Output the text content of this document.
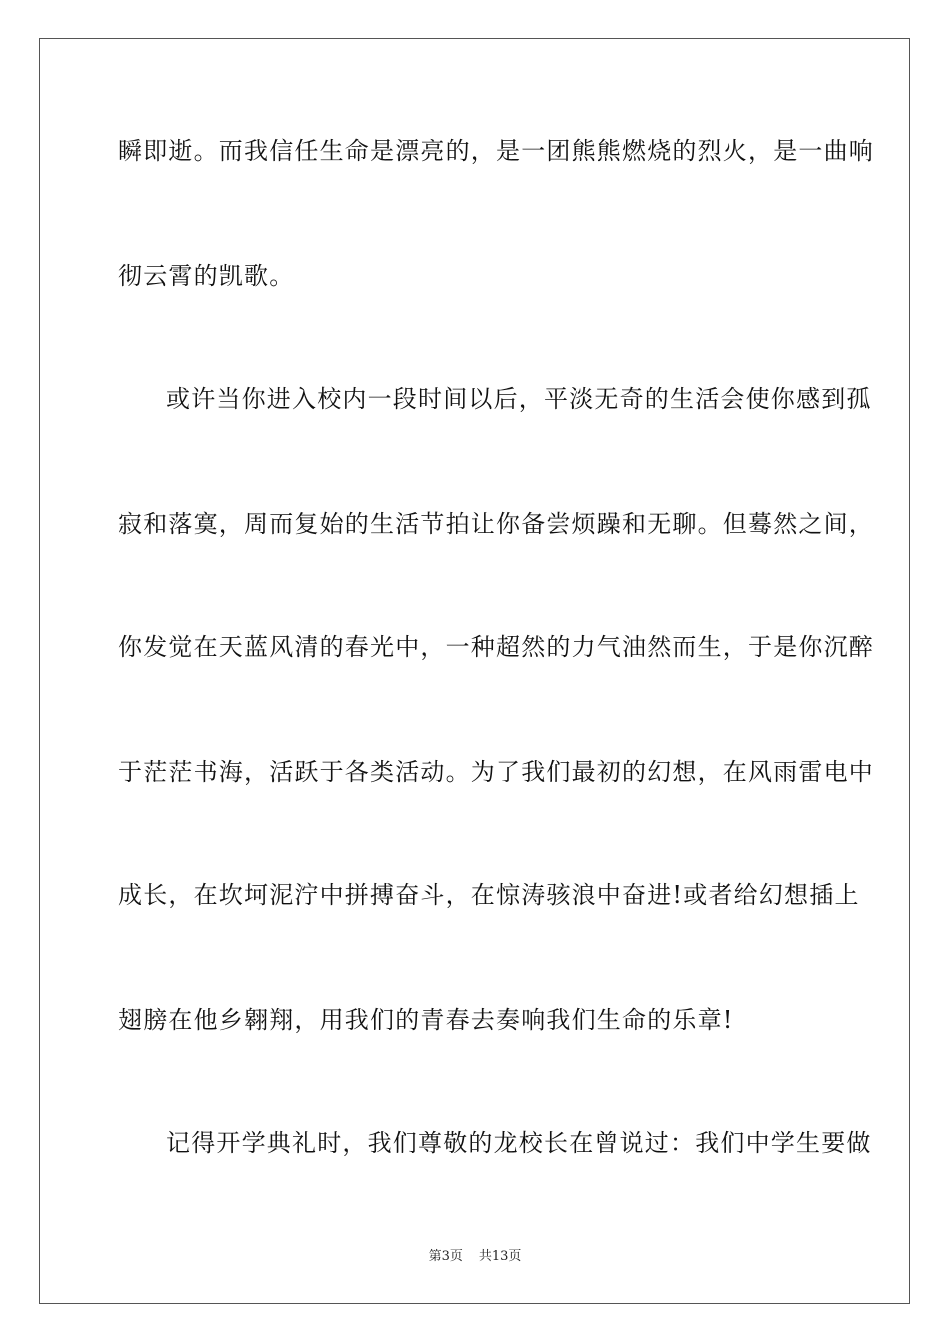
瞬即逝。而我信任生命是漂亮的，是一团熊熊燃烧的烈火，是一曲响
彻云霄的凯歌。
或许当你进入校内一段时间以后，平淡无奇的生活会使你感到孤
寂和落寞，周而复始的生活节拍让你备尝烦躁和无聊。但蓦然之间，
你发觉在天蓝风清的春光中，一种超然的力气油然而生，于是你沉醉
于茫茫书海，活跃于各类活动。为了我们最初的幻想，在风雨雷电中
成长，在坎坷泥泞中拼搏奋斗，在惊涛骇浪中奋进!或者给幻想插上
翅膀在他乡翱翔，用我们的青春去奏响我们生命的乐章!
记得开学典礼时，我们尊敬的龙校长在曾说过：我们中学生要做
第3页 共13页
